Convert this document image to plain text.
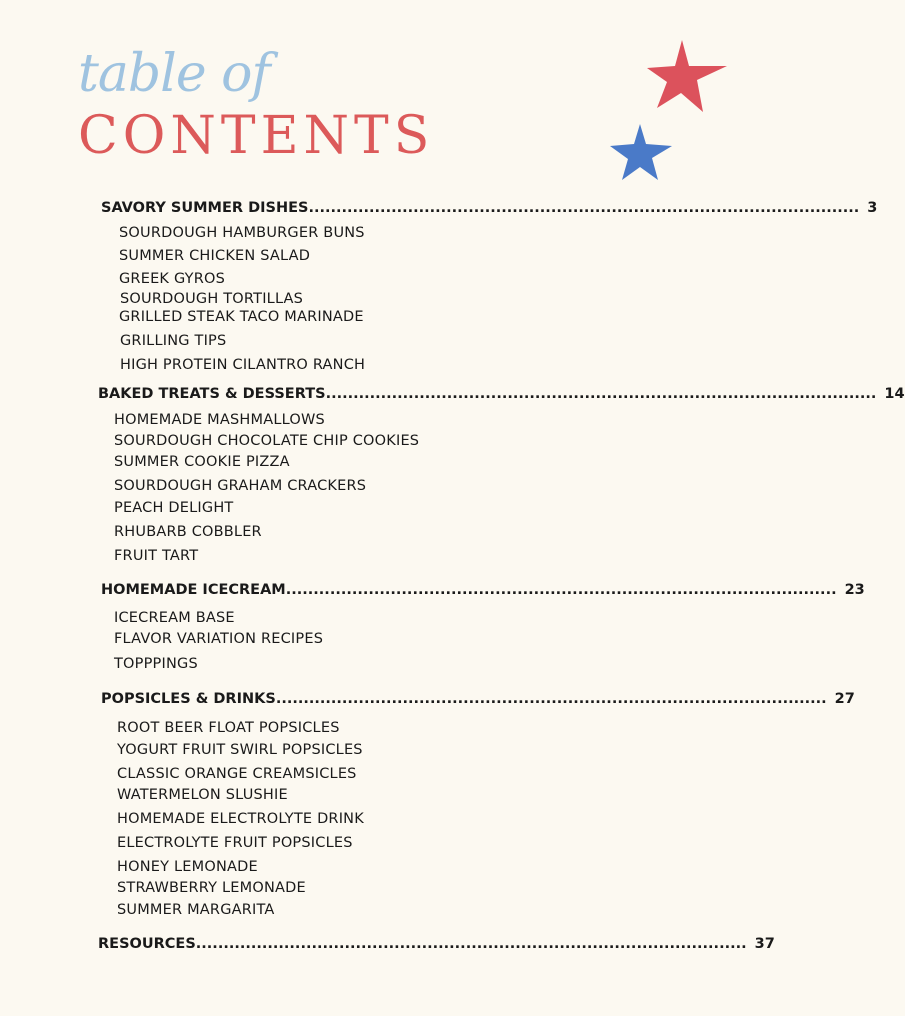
table of
CONTENTS
SAVORY SUMMER DISHES .................................................................................................... 3
SOURDOUGH HAMBURGER BUNS
SUMMER CHICKEN SALAD
GREEK GYROS
SOURDOUGH TORTILLAS
GRILLED STEAK TACO MARINADE
GRILLING TIPS
HIGH PROTEIN CILANTRO RANCH
BAKED TREATS & DESSERTS .................................................................................................... 14
HOMEMADE MASHMALLOWS
SOURDOUGH CHOCOLATE CHIP COOKIES
SUMMER COOKIE PIZZA
SOURDOUGH GRAHAM CRACKERS
PEACH DELIGHT
RHUBARB COBBLER
FRUIT TART
HOMEMADE ICECREAM .................................................................................................... 23
ICECREAM BASE
FLAVOR VARIATION RECIPES
TOPPPINGS
POPSICLES & DRINKS .................................................................................................... 27
ROOT BEER FLOAT POPSICLES
YOGURT FRUIT SWIRL POPSICLES
CLASSIC ORANGE CREAMSICLES
WATERMELON SLUSHIE
HOMEMADE ELECTROLYTE DRINK
ELECTROLYTE FRUIT POPSICLES
HONEY LEMONADE
STRAWBERRY LEMONADE
SUMMER MARGARITA
RESOURCES .................................................................................................... 37
